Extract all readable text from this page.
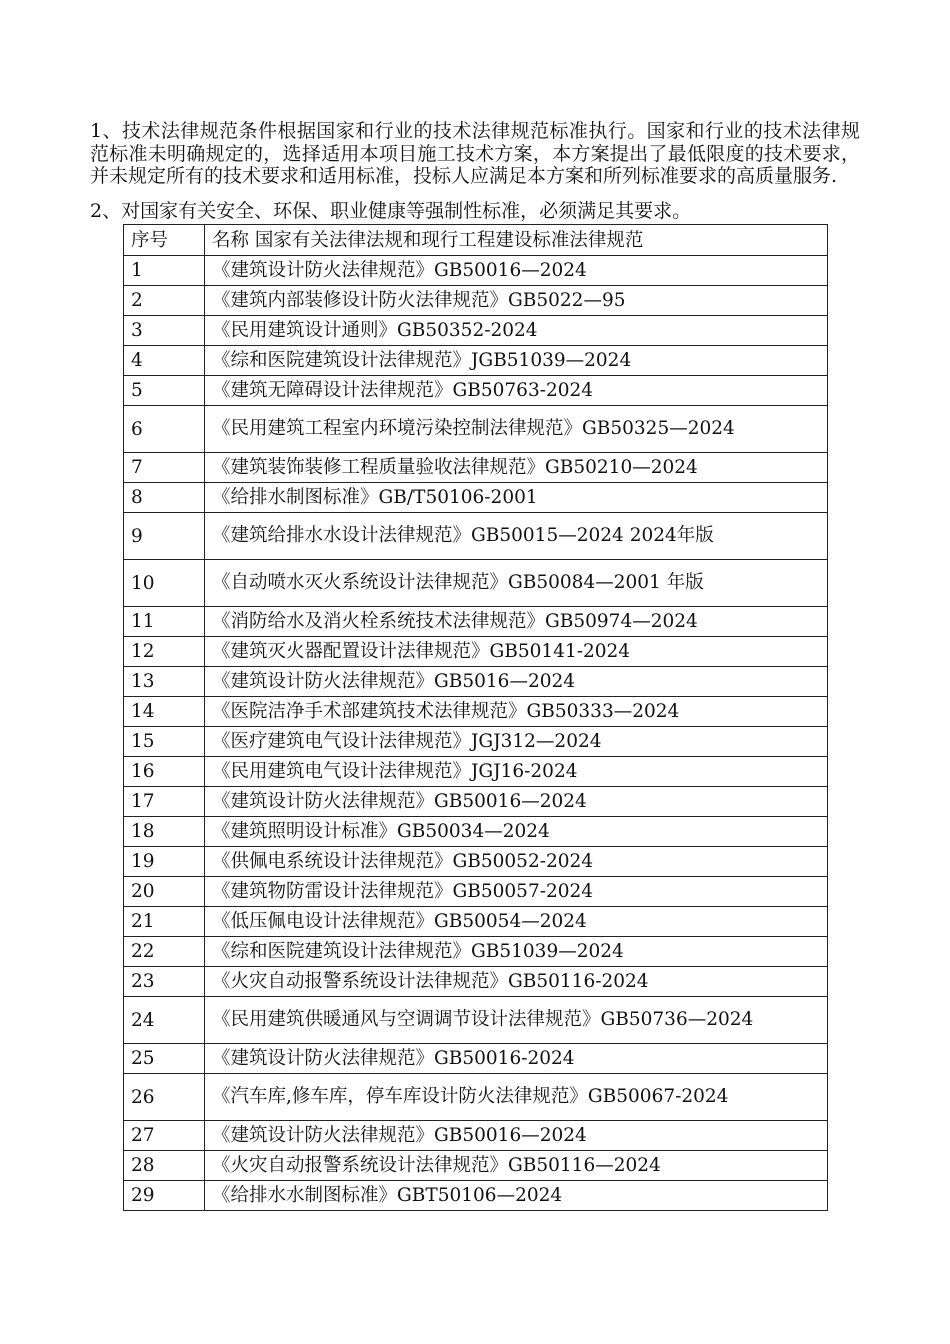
1、技术法律规范条件根据国家和行业的技术法律规范标准执行。国家和行业的技术法律规范标准未明确规定的，选择适用本项目施工技术方案，本方案提出了最低限度的技术要求，并未规定所有的技术要求和适用标准，投标人应满足本方案和所列标准要求的高质量服务.
2、对国家有关安全、环保、职业健康等强制性标准，必须满足其要求。
序号	名称 国家有关法律法规和现行工程建设标准法律规范
1	《建筑设计防火法律规范》GB50016—2024
2	《建筑内部装修设计防火法律规范》GB5022—95
3	《民用建筑设计通则》GB50352-2024
4	《综和医院建筑设计法律规范》JGB51039—2024
5	《建筑无障碍设计法律规范》GB50763-2024
6	《民用建筑工程室内环境污染控制法律规范》GB50325—2024
7	《建筑装饰装修工程质量验收法律规范》GB50210—2024
8	《给排水制图标准》GB/T50106-2001
9	《建筑给排水水设计法律规范》GB50015—2024 2024年版
10	《自动喷水灭火系统设计法律规范》GB50084—2001 年版
11	《消防给水及消火栓系统技术法律规范》GB50974—2024
12	《建筑灭火器配置设计法律规范》GB50141-2024
13	《建筑设计防火法律规范》GB5016—2024
14	《医院洁净手术部建筑技术法律规范》GB50333—2024
15	《医疗建筑电气设计法律规范》JGJ312—2024
16	《民用建筑电气设计法律规范》JGJ16-2024
17	《建筑设计防火法律规范》GB50016—2024
18	《建筑照明设计标准》GB50034—2024
19	《供佩电系统设计法律规范》GB50052-2024
20	《建筑物防雷设计法律规范》GB50057-2024
21	《低压佩电设计法律规范》GB50054—2024
22	《综和医院建筑设计法律规范》GB51039—2024
23	《火灾自动报警系统设计法律规范》GB50116-2024
24	《民用建筑供暖通风与空调调节设计法律规范》GB50736—2024
25	《建筑设计防火法律规范》GB50016-2024
26	《汽车库,修车库，停车库设计防火法律规范》GB50067-2024
27	《建筑设计防火法律规范》GB50016—2024
28	《火灾自动报警系统设计法律规范》GB50116—2024
29	《给排水水制图标准》GBT50106—2024
